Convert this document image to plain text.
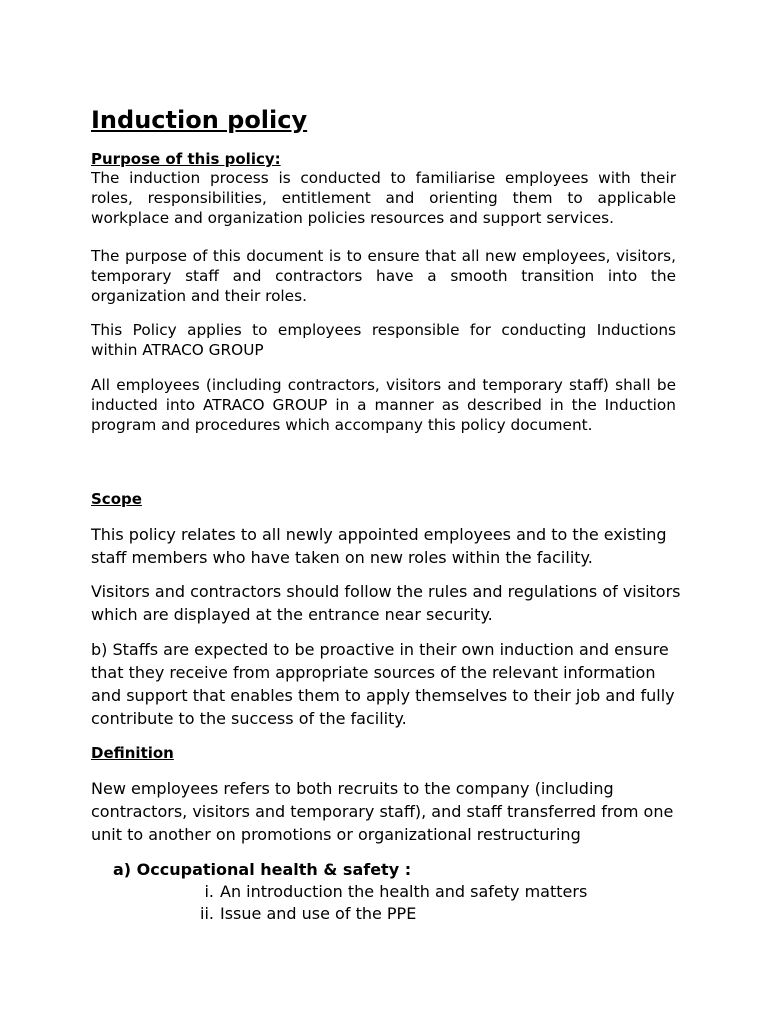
Induction policy
Purpose of this policy:

The induction process is conducted to familiarise employees with their roles, responsibilities, entitlement and orienting them to applicable workplace and organization policies resources and support services.

The purpose of this document is to ensure that all new employees, visitors, temporary staff and contractors have a smooth transition into the organization and their roles.

This Policy applies to employees responsible for conducting Inductions within ATRACO GROUP

All employees (including contractors, visitors and temporary staff) shall be inducted into ATRACO GROUP in a manner as described in the Induction program and procedures which accompany this policy document.

Scope

This policy relates to all newly appointed employees and to the existing staff members who have taken on new roles within the facility.

Visitors and contractors should follow the rules and regulations of visitors which are displayed at the entrance near security.

b) Staffs are expected to be proactive in their own induction and ensure that they receive from appropriate sources of the relevant information and support that enables them to apply themselves to their job and fully contribute to the success of the facility.

Definition

New employees refers to both recruits to the company (including contractors, visitors and temporary staff), and staff transferred from one unit to another on promotions or organizational restructuring

a) Occupational health & safety :
i. An introduction the health and safety matters
ii. Issue and use of the PPE
